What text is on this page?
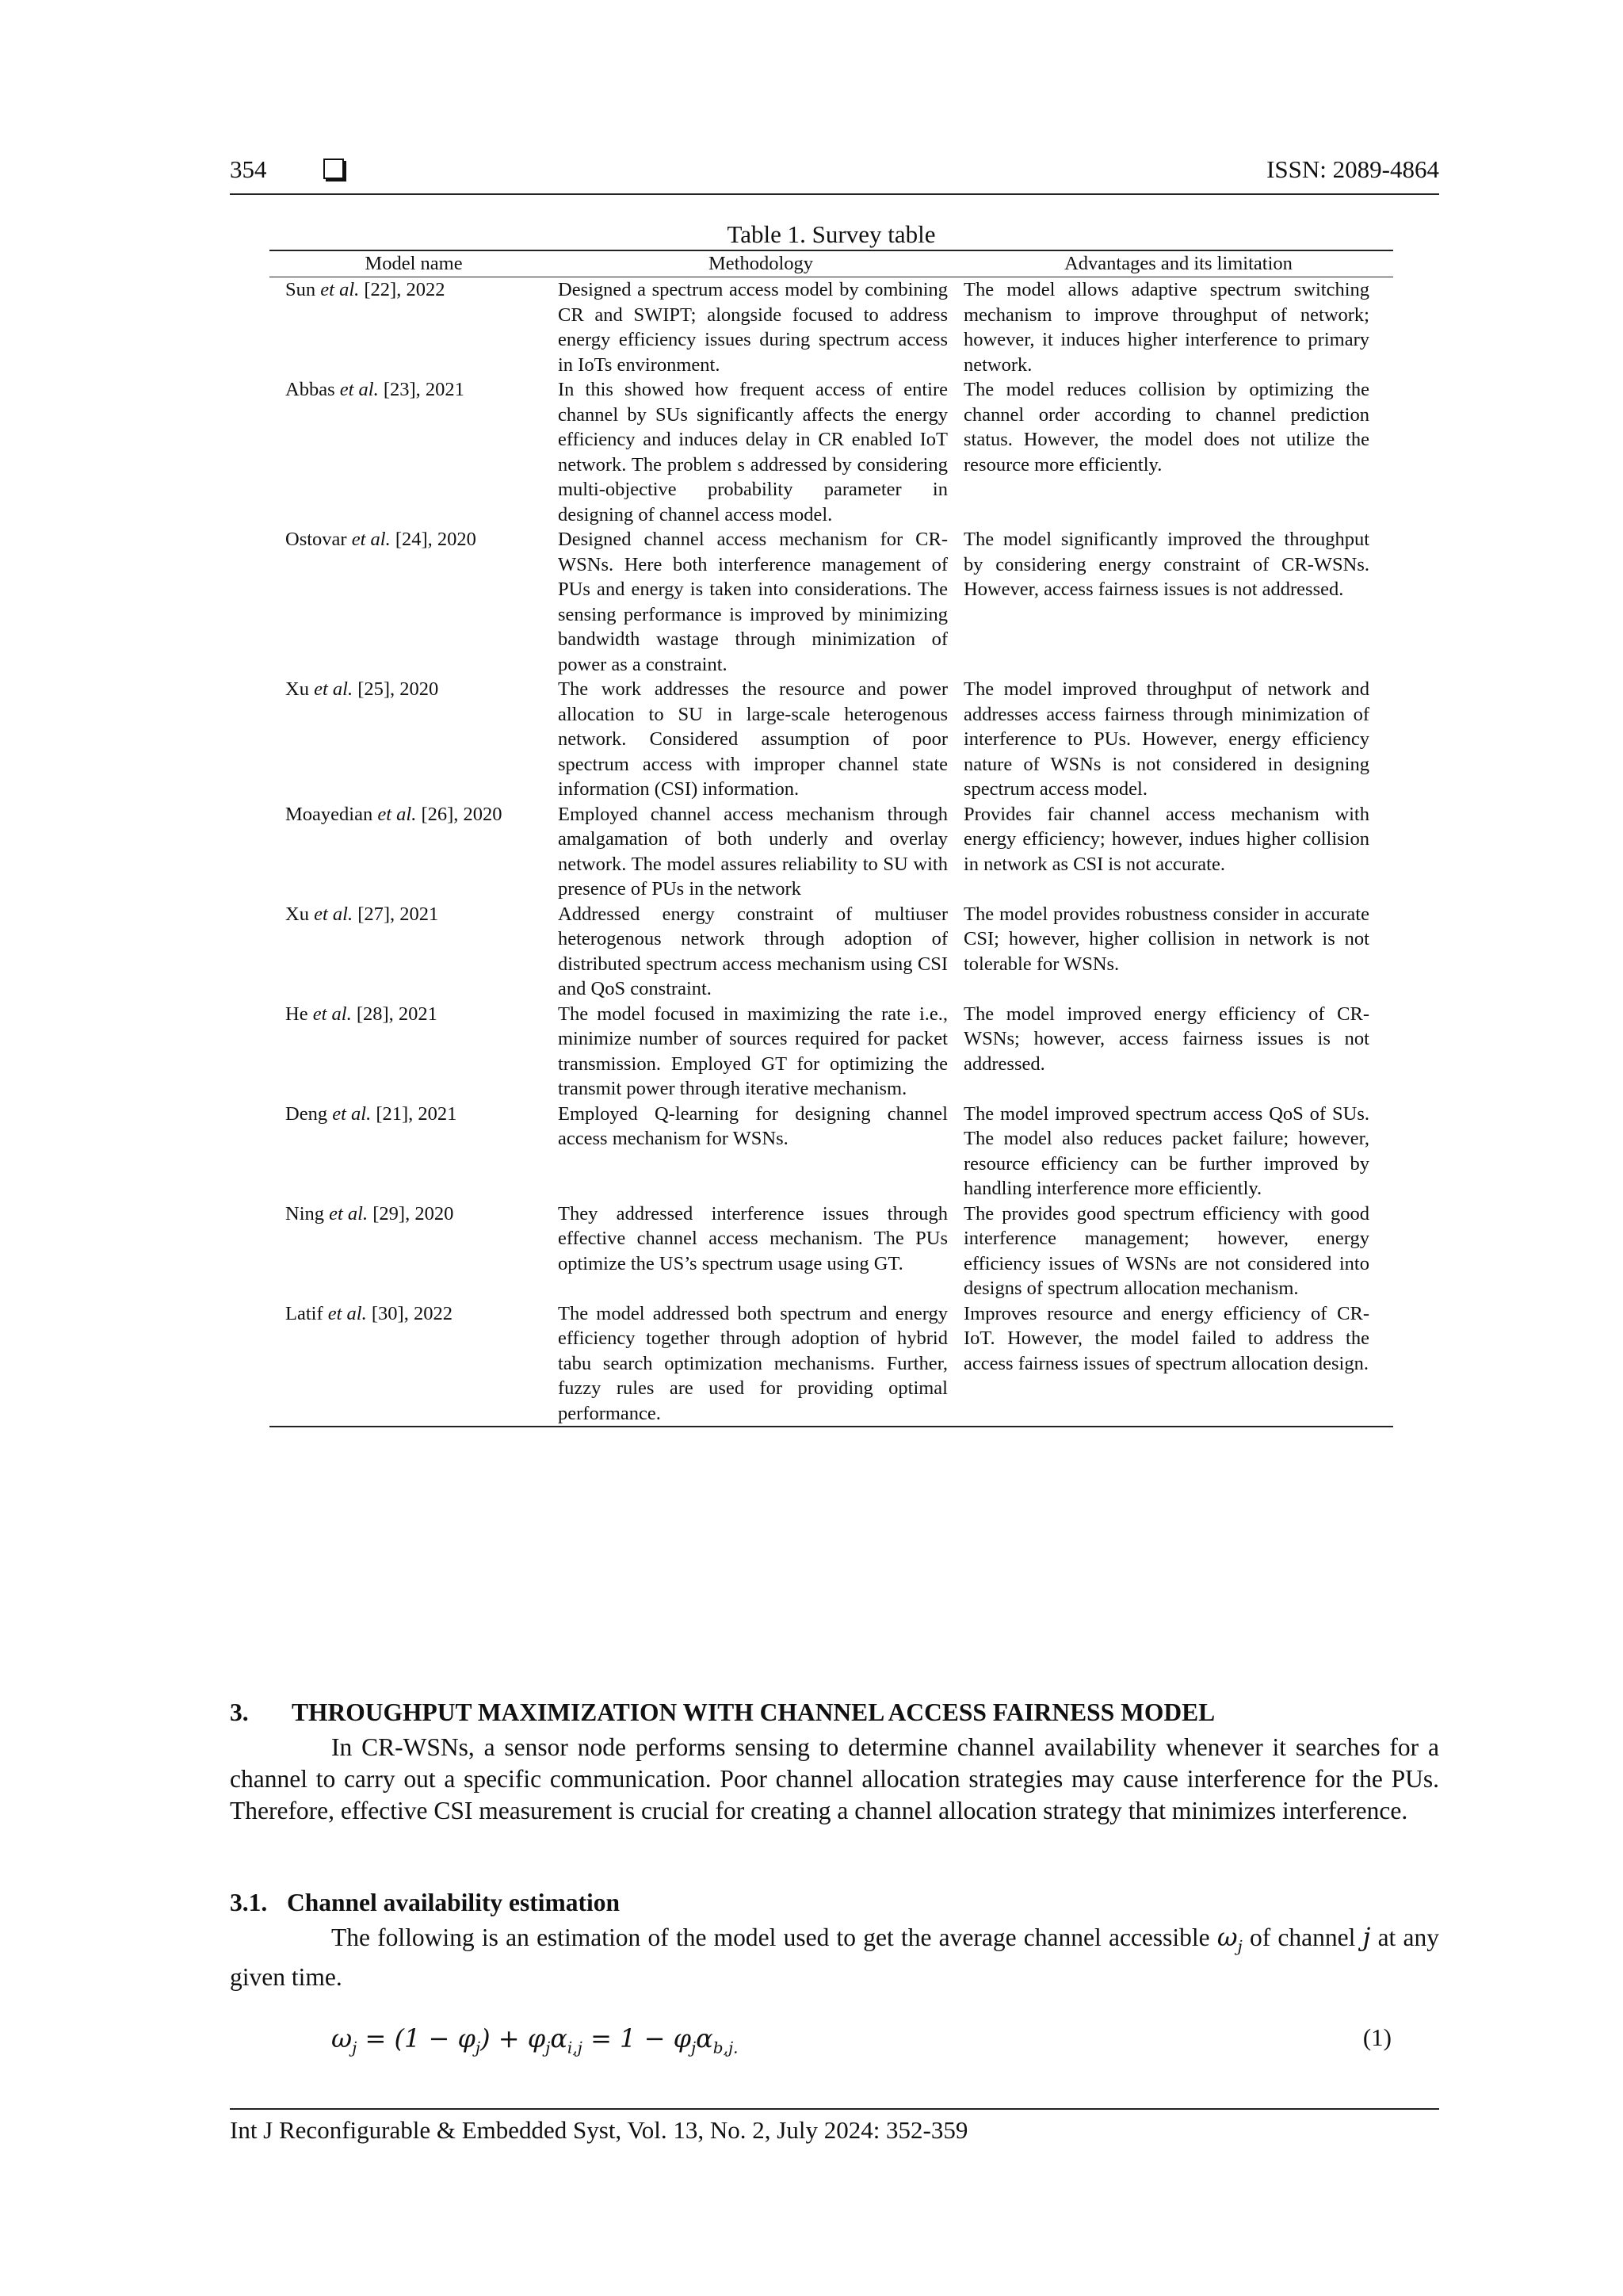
354	ISSN: 2089-4864
Table 1. Survey table
Model name	Methodology	Advantages and its limitation
Sun et al. [22], 2022	Designed a spectrum access model by combining CR and SWIPT; alongside focused to address energy efficiency issues during spectrum access in IoTs environment.	The model allows adaptive spectrum switching mechanism to improve throughput of network; however, it induces higher interference to primary network.
Abbas et al. [23], 2021	In this showed how frequent access of entire channel by SUs significantly affects the energy efficiency and induces delay in CR enabled IoT network. The problem s addressed by considering multi-objective probability parameter in designing of channel access model.	The model reduces collision by optimizing the channel order according to channel prediction status. However, the model does not utilize the resource more efficiently.
Ostovar et al. [24], 2020	Designed channel access mechanism for CR-WSNs. Here both interference management of PUs and energy is taken into considerations. The sensing performance is improved by minimizing bandwidth wastage through minimization of power as a constraint.	The model significantly improved the throughput by considering energy constraint of CR-WSNs. However, access fairness issues is not addressed.
Xu et al. [25], 2020	The work addresses the resource and power allocation to SU in large-scale heterogenous network. Considered assumption of poor spectrum access with improper channel state information (CSI) information.	The model improved throughput of network and addresses access fairness through minimization of interference to PUs. However, energy efficiency nature of WSNs is not considered in designing spectrum access model.
Moayedian et al. [26], 2020	Employed channel access mechanism through amalgamation of both underly and overlay network. The model assures reliability to SU with presence of PUs in the network	Provides fair channel access mechanism with energy efficiency; however, indues higher collision in network as CSI is not accurate.
Xu et al. [27], 2021	Addressed energy constraint of multiuser heterogenous network through adoption of distributed spectrum access mechanism using CSI and QoS constraint.	The model provides robustness consider in accurate CSI; however, higher collision in network is not tolerable for WSNs.
He et al. [28], 2021	The model focused in maximizing the rate i.e., minimize number of sources required for packet transmission. Employed GT for optimizing the transmit power through iterative mechanism.	The model improved energy efficiency of CR-WSNs; however, access fairness issues is not addressed.
Deng et al. [21], 2021	Employed Q-learning for designing channel access mechanism for WSNs.	The model improved spectrum access QoS of SUs. The model also reduces packet failure; however, resource efficiency can be further improved by handling interference more efficiently.
Ning et al. [29], 2020	They addressed interference issues through effective channel access mechanism. The PUs optimize the US’s spectrum usage using GT.	The provides good spectrum efficiency with good interference management; however, energy efficiency issues of WSNs are not considered into designs of spectrum allocation mechanism.
Latif et al. [30], 2022	The model addressed both spectrum and energy efficiency together through adoption of hybrid tabu search optimization mechanisms. Further, fuzzy rules are used for providing optimal performance.	Improves resource and energy efficiency of CR-IoT. However, the model failed to address the access fairness issues of spectrum allocation design.
3. THROUGHPUT MAXIMIZATION WITH CHANNEL ACCESS FAIRNESS MODEL
In CR-WSNs, a sensor node performs sensing to determine channel availability whenever it searches for a channel to carry out a specific communication. Poor channel allocation strategies may cause interference for the PUs. Therefore, effective CSI measurement is crucial for creating a channel allocation strategy that minimizes interference.
3.1. Channel availability estimation
The following is an estimation of the model used to get the average channel accessible $\omega_j$ of channel j at any given time.
$\omega_j = (1 - \varphi_j) + \varphi_j\alpha_{i,j} = 1 - \varphi_j\alpha_{b,j.}$	(1)
Int J Reconfigurable & Embedded Syst, Vol. 13, No. 2, July 2024: 352-359
